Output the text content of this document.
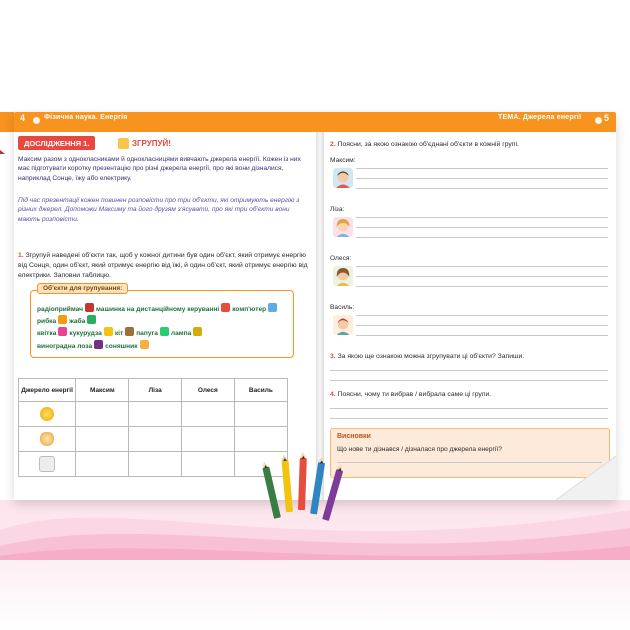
4	Фізична наука. Енергія	ТЕМА. Джерела енергії	5
ДОСЛІДЖЕННЯ 1.	ЗГРУПУЙ!
Максим разом з однокласниками й однокласницями вивчають джерела енергії. Кожен із них має підготувати коротку презентацію про різні джерела енергії, про які вони дізналися, наприклад Сонце, їжу або електрику.
Під час презентації кожен повинен розповісти про три об'єкти, які отримують енергію з різних джерел. Допоможи Максиму та його друзям з'ясувати, про які три об'єкти вони мають розповісти.
1. Згрупуй наведені об'єкти так, щоб у кожної дитини був один об'єкт, який отримує енергію від Сонця, один об'єкт, який отримує енергію від їжі, й один об'єкт, який отримує енергію від електрики. Заповни таблицю.
Об'єкти для групування:
радіоприймач машинка на дистанційному керуванні комп'ютеррибка жаба
квітка кукурудза кіт папуга лампа
виноградна лоза соняшник
Джерело енергії	Максим	Ліза	Олеся	Василь

2. Поясни, за якою ознакою об'єднані об'єкти в кожній групі.
Максим:
Ліза:
Олеся:
Василь:
3. За якою ще ознакою можна згрупувати ці об'єкти? Запиши.
4. Поясни, чому ти вибрав / вибрала саме ці групи.
Висновки
Що нове ти дізнався / дізналася про джерела енергії?
